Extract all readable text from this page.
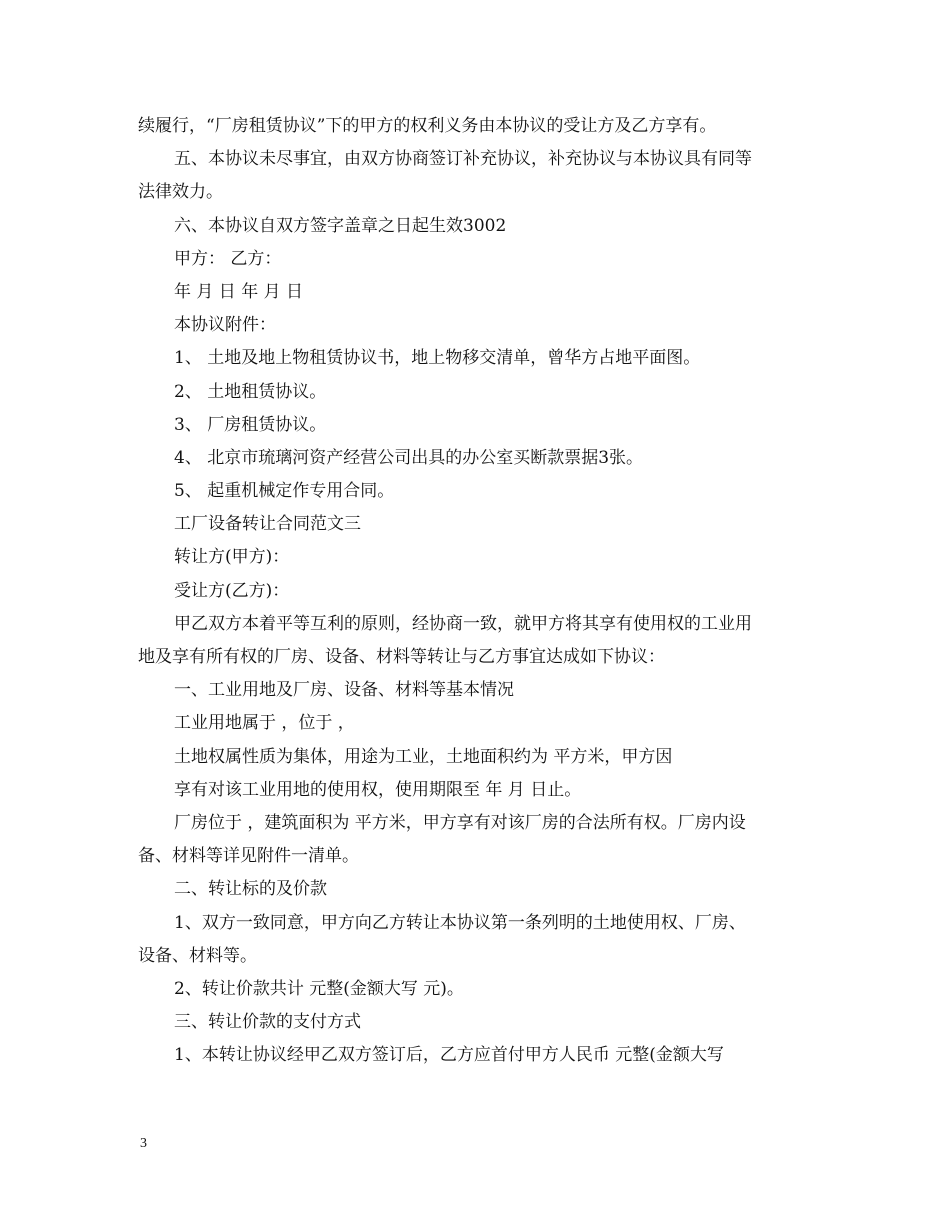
续履行，“厂房租赁协议”下的甲方的权利义务由本协议的受让方及乙方享有。
五、本协议未尽事宜，由双方协商签订补充协议，补充协议与本协议具有同等
法律效力。
六、本协议自双方签字盖章之日起生效3002
甲方： 乙方：
年 月 日 年 月 日
本协议附件：
1、 土地及地上物租赁协议书，地上物移交清单，曾华方占地平面图。
2、 土地租赁协议。
3、 厂房租赁协议。
4、 北京市琉璃河资产经营公司出具的办公室买断款票据3张。
5、 起重机械定作专用合同。
工厂设备转让合同范文三
转让方(甲方)：
受让方(乙方)：
甲乙双方本着平等互利的原则，经协商一致，就甲方将其享有使用权的工业用
地及享有所有权的厂房、设备、材料等转让与乙方事宜达成如下协议：
一、工业用地及厂房、设备、材料等基本情况
工业用地属于 ，位于 ，
土地权属性质为集体，用途为工业，土地面积约为 平方米，甲方因
享有对该工业用地的使用权，使用期限至 年 月 日止。
厂房位于 ，建筑面积为 平方米，甲方享有对该厂房的合法所有权。厂房内设
备、材料等详见附件一清单。
二、转让标的及价款
1、双方一致同意，甲方向乙方转让本协议第一条列明的土地使用权、厂房、
设备、材料等。
2、转让价款共计 元整(金额大写 元)。
三、转让价款的支付方式
1、本转让协议经甲乙双方签订后，乙方应首付甲方人民币 元整(金额大写
3
